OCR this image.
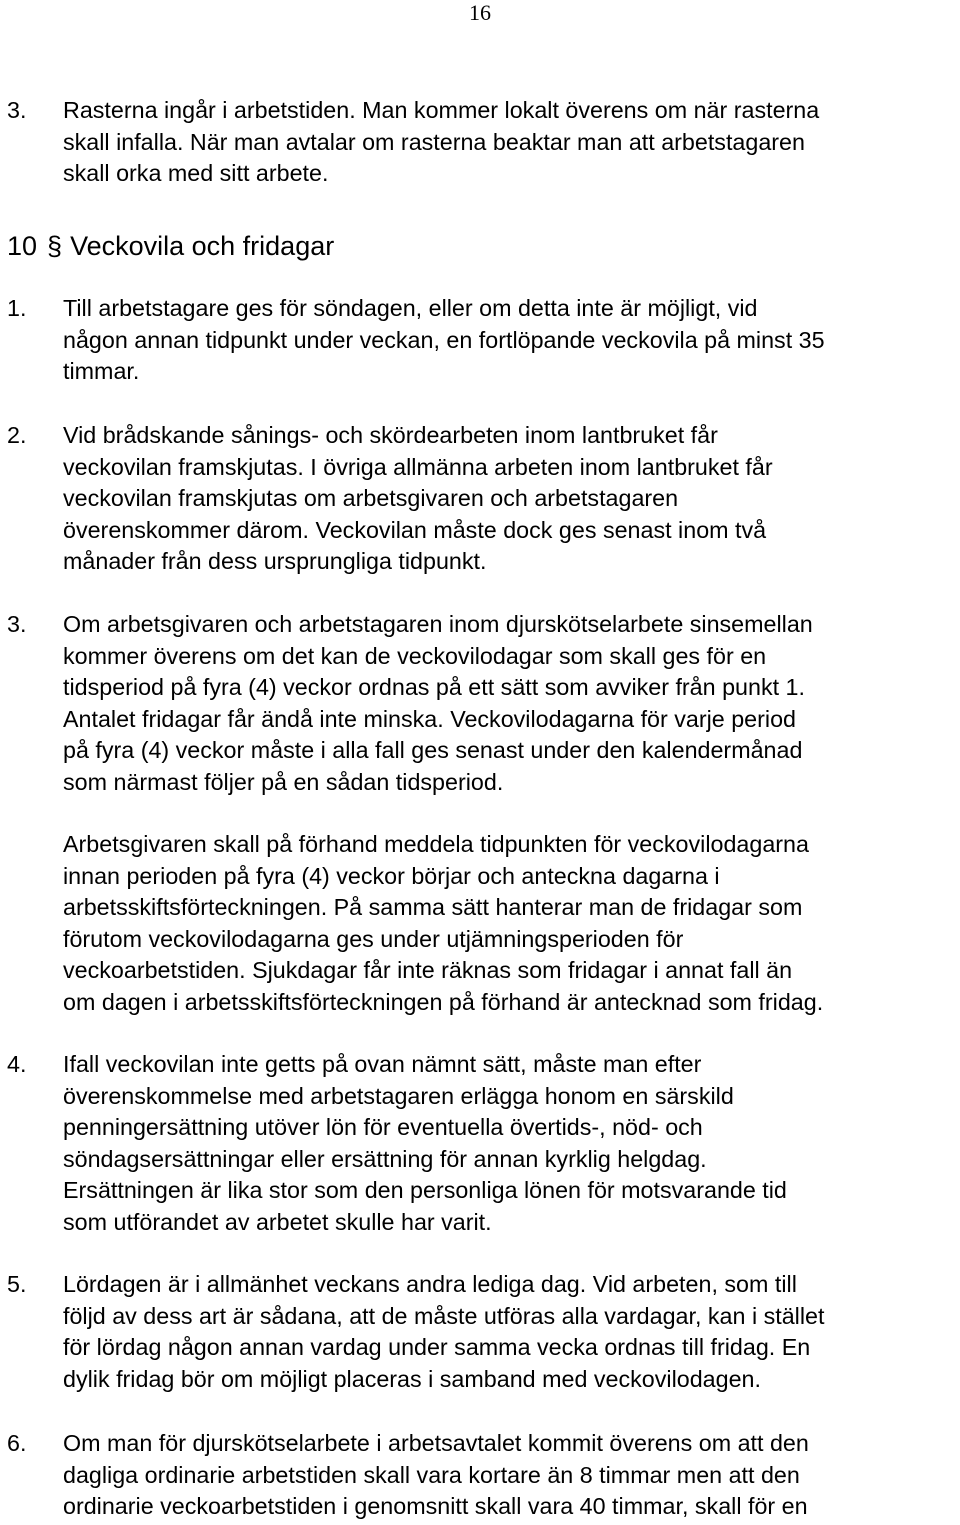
16
3. Rasterna ingår i arbetstiden. Man kommer lokalt överens om när rasterna
skall infalla. När man avtalar om rasterna beaktar man att arbetstagaren
skall orka med sitt arbete.
10 § Veckovila och fridagar
1. Till arbetstagare ges för söndagen, eller om detta inte är möjligt, vid
någon annan tidpunkt under veckan, en fortlöpande veckovila på minst 35
timmar.
2. Vid brådskande sånings- och skördearbeten inom lantbruket får
veckovilan framskjutas. I övriga allmänna arbeten inom lantbruket får
veckovilan framskjutas om arbetsgivaren och arbetstagaren
överenskommer därom. Veckovilan måste dock ges senast inom två
månader från dess ursprungliga tidpunkt.
3. Om arbetsgivaren och arbetstagaren inom djurskötselarbete sinsemellan
kommer överens om det kan de veckovilodagar som skall ges för en
tidsperiod på fyra (4) veckor ordnas på ett sätt som avviker från punkt 1.
Antalet fridagar får ändå inte minska. Veckovilodagarna för varje period
på fyra (4) veckor måste i alla fall ges senast under den kalendermånad
som närmast följer på en sådan tidsperiod.
Arbetsgivaren skall på förhand meddela tidpunkten för veckovilodagarna
innan perioden på fyra (4) veckor börjar och anteckna dagarna i
arbetsskiftsförteckningen. På samma sätt hanterar man de fridagar som
förutom veckovilodagarna ges under utjämningsperioden för
veckoarbetstiden. Sjukdagar får inte räknas som fridagar i annat fall än
om dagen i arbetsskiftsförteckningen på förhand är antecknad som fridag.
4. Ifall veckovilan inte getts på ovan nämnt sätt, måste man efter
överenskommelse med arbetstagaren erlägga honom en särskild
penningersättning utöver lön för eventuella övertids-, nöd- och
söndagsersättningar eller ersättning för annan kyrklig helgdag.
Ersättningen är lika stor som den personliga lönen för motsvarande tid
som utförandet av arbetet skulle har varit.
5. Lördagen är i allmänhet veckans andra lediga dag. Vid arbeten, som till
följd av dess art är sådana, att de måste utföras alla vardagar, kan i stället
för lördag någon annan vardag under samma vecka ordnas till fridag. En
dylik fridag bör om möjligt placeras i samband med veckovilodagen.
6. Om man för djurskötselarbete i arbetsavtalet kommit överens om att den
dagliga ordinarie arbetstiden skall vara kortare än 8 timmar men att den
ordinarie veckoarbetstiden i genomsnitt skall vara 40 timmar, skall för en
